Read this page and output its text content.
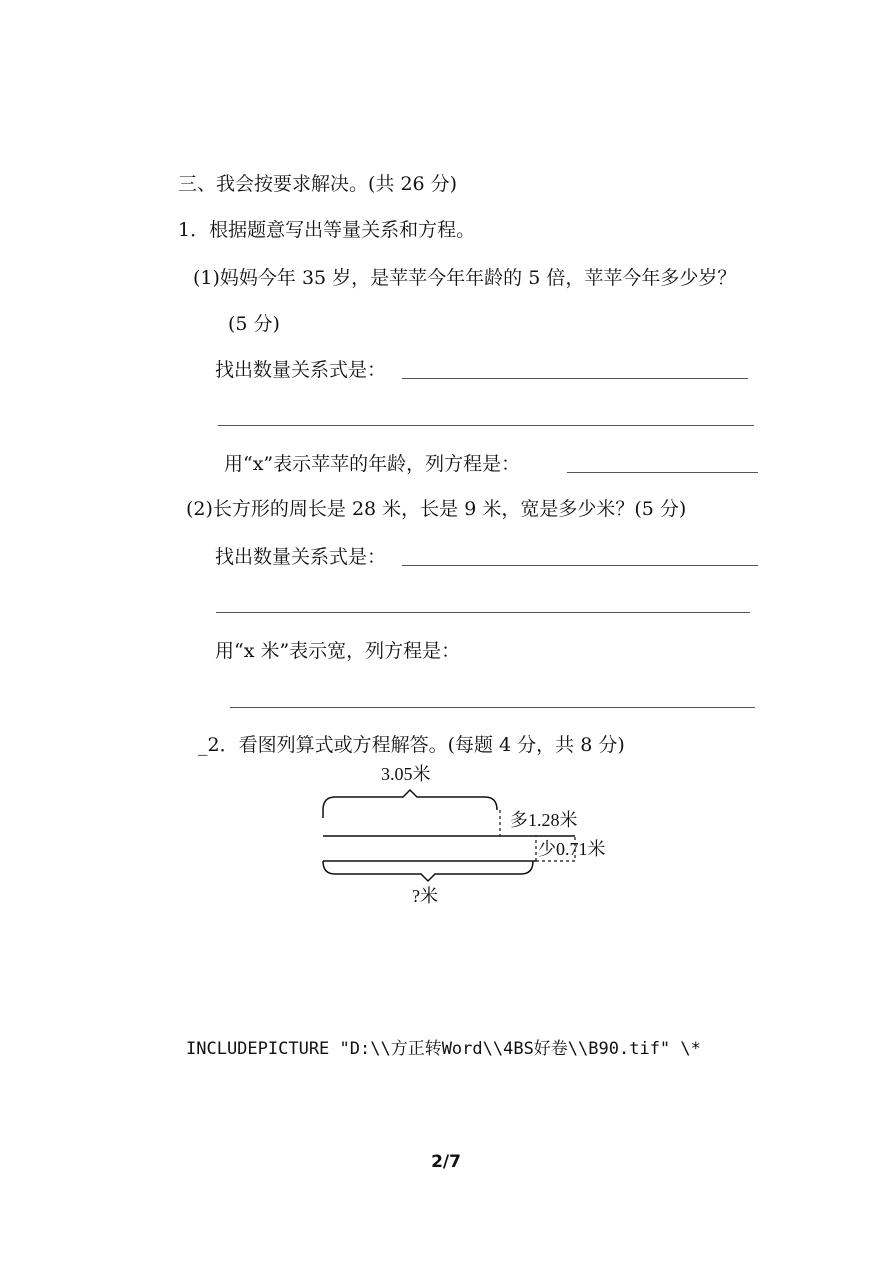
三、我会按要求解决。(共 26 分)
1．根据题意写出等量关系和方程。
(1)妈妈今年 35 岁，是苹苹今年年龄的 5 倍，苹苹今年多少岁？
(5 分)
找出数量关系式是：
用“x”表示苹苹的年龄，列方程是：
(2)长方形的周长是 28 米，长是 9 米，宽是多少米？(5 分)
找出数量关系式是：
用“x 米”表示宽，列方程是：
_2．看图列算式或方程解答。(每题 4 分，共 8 分)
3.05米
多1.28米
少0.71米
?米
INCLUDEPICTURE "D:\\方正转Word\\4BS好卷\\B90.tif" \*
2/7
